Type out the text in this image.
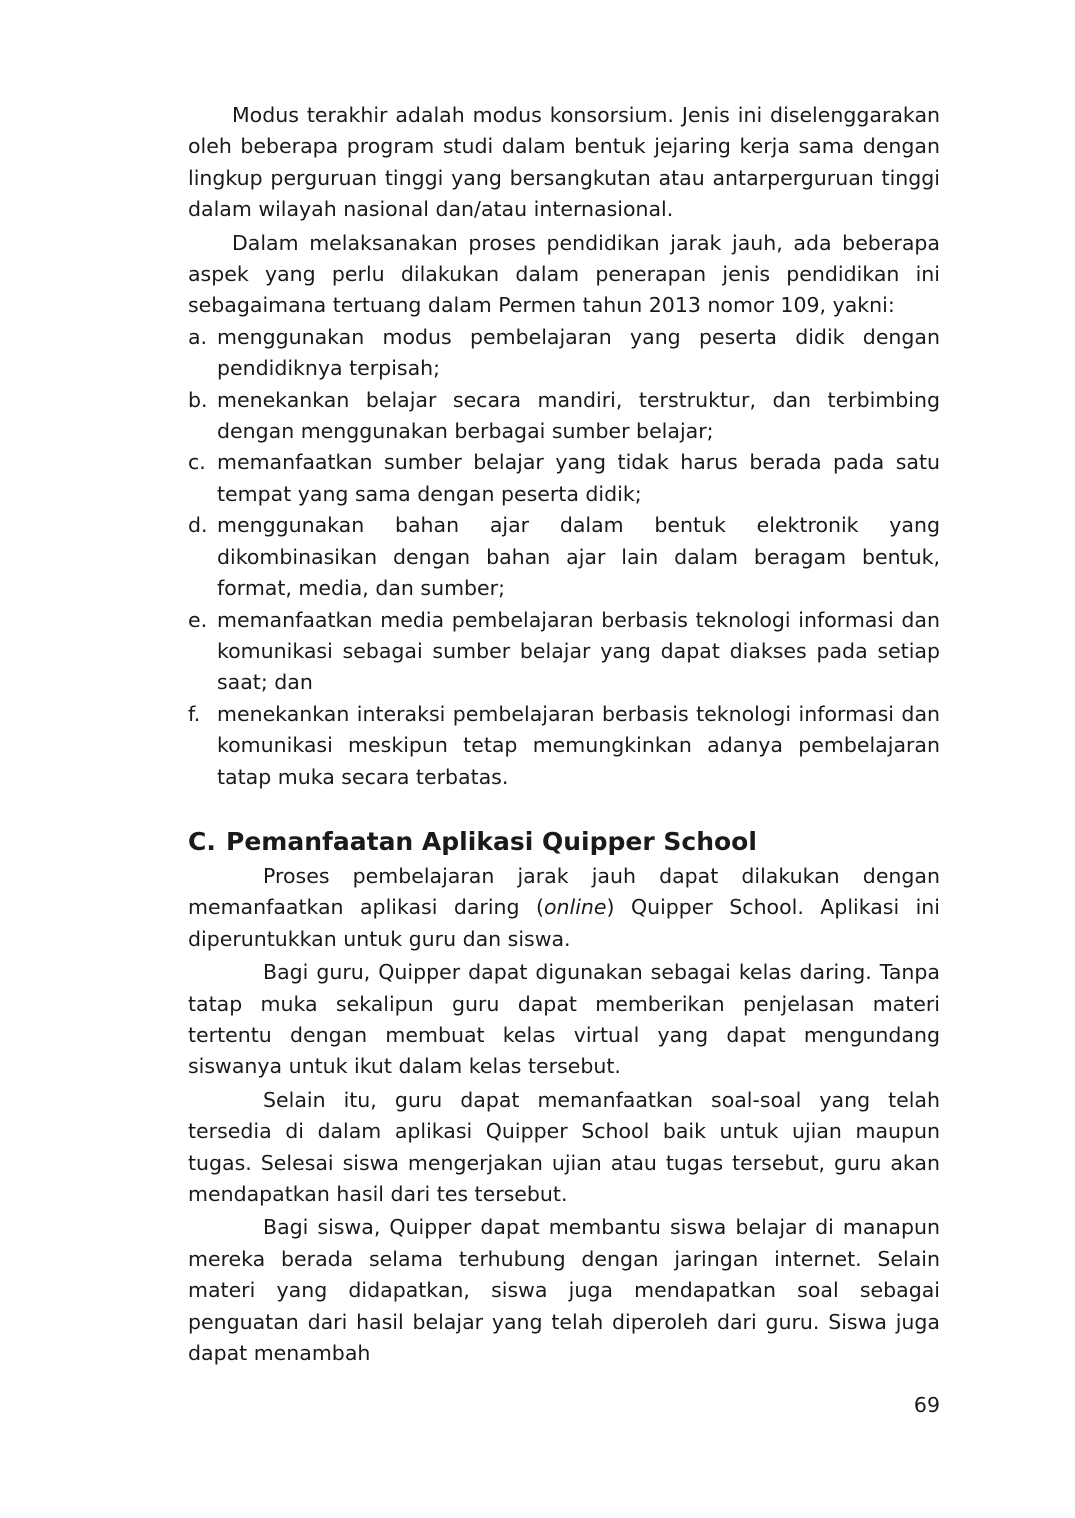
Modus terakhir adalah modus konsorsium. Jenis ini diselenggarakan oleh beberapa program studi dalam bentuk jejaring kerja sama dengan lingkup perguruan tinggi yang bersangkutan atau antarperguruan tinggi dalam wilayah nasional dan/atau internasional.

Dalam melaksanakan proses pendidikan jarak jauh, ada beberapa aspek yang perlu dilakukan dalam penerapan jenis pendidikan ini sebagaimana tertuang dalam Permen tahun 2013 nomor 109, yakni:

a. menggunakan modus pembelajaran yang peserta didik dengan pendidiknya terpisah;
b. menekankan belajar secara mandiri, terstruktur, dan terbimbing dengan menggunakan berbagai sumber belajar;
c. memanfaatkan sumber belajar yang tidak harus berada pada satu tempat yang sama dengan peserta didik;
d. menggunakan bahan ajar dalam bentuk elektronik yang dikombinasikan dengan bahan ajar lain dalam beragam bentuk, format, media, dan sumber;
e. memanfaatkan media pembelajaran berbasis teknologi informasi dan komunikasi sebagai sumber belajar yang dapat diakses pada setiap saat; dan
f. menekankan interaksi pembelajaran berbasis teknologi informasi dan komunikasi meskipun tetap memungkinkan adanya pembelajaran tatap muka secara terbatas.
C. Pemanfaatan Aplikasi Quipper School

Proses pembelajaran jarak jauh dapat dilakukan dengan memanfaatkan aplikasi daring (online) Quipper School. Aplikasi ini diperuntukkan untuk guru dan siswa.

Bagi guru, Quipper dapat digunakan sebagai kelas daring. Tanpa tatap muka sekalipun guru dapat memberikan penjelasan materi tertentu dengan membuat kelas virtual yang dapat mengundang siswanya untuk ikut dalam kelas tersebut.

Selain itu, guru dapat memanfaatkan soal-soal yang telah tersedia di dalam aplikasi Quipper School baik untuk ujian maupun tugas. Selesai siswa mengerjakan ujian atau tugas tersebut, guru akan mendapatkan hasil dari tes tersebut.

Bagi siswa, Quipper dapat membantu siswa belajar di manapun mereka berada selama terhubung dengan jaringan internet. Selain materi yang didapatkan, siswa juga mendapatkan soal sebagai penguatan dari hasil belajar yang telah diperoleh dari guru. Siswa juga dapat menambah

69
